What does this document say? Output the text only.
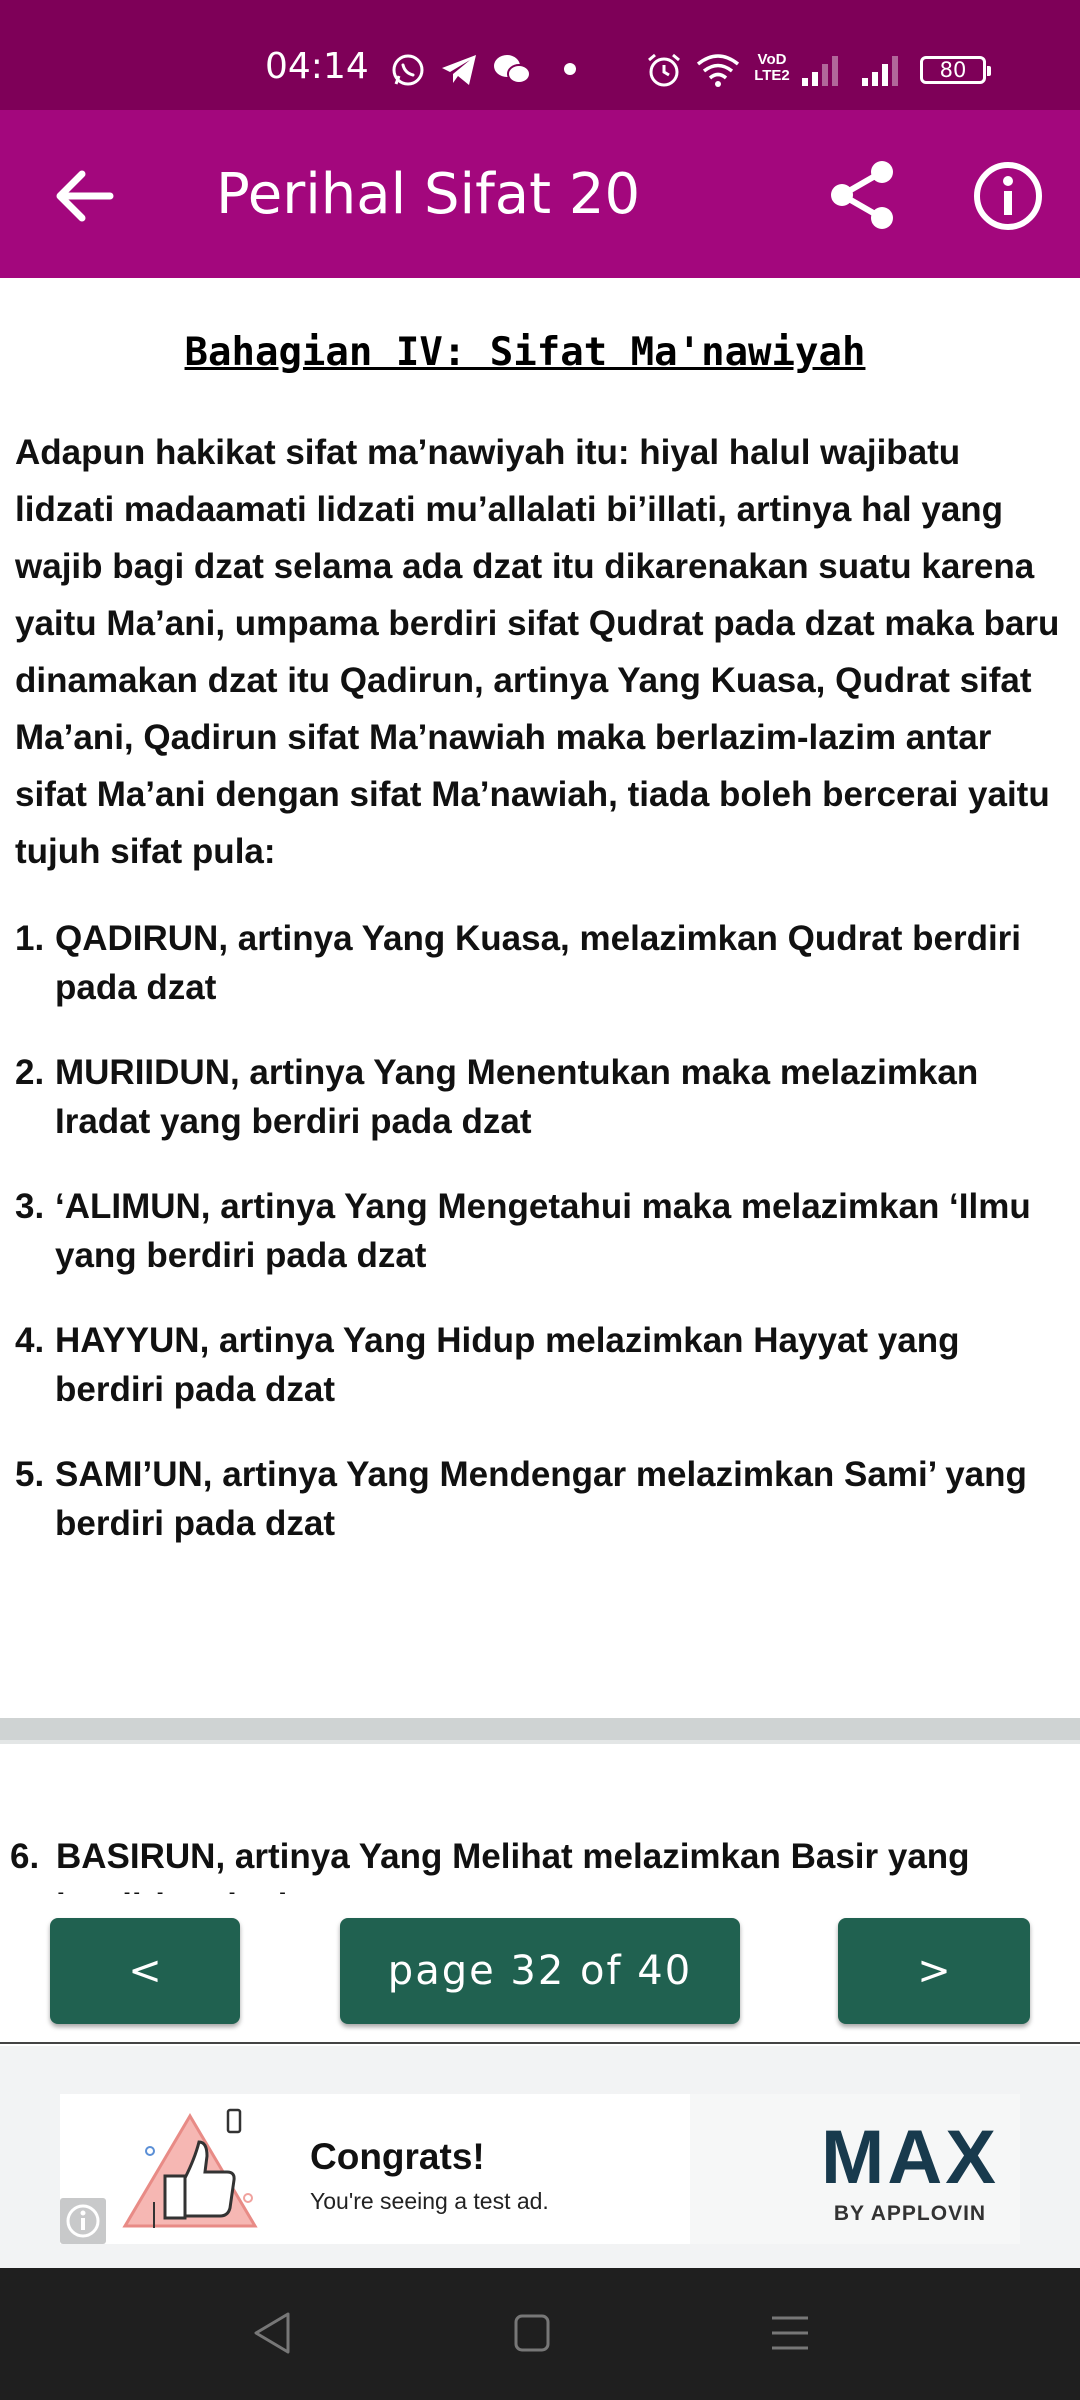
04:14	VoD
LTE2	80
Perihal Sifat 20
Bahagian IV: Sifat Ma'nawiyah

Adapun hakikat sifat ma’nawiyah itu: hiyal halul wajibatu lidzati madaamati lidzati mu’allalati bi’illati, artinya hal yang wajib bagi dzat selama ada dzat itu dikarenakan suatu karena yaitu Ma’ani, umpama berdiri sifat Qudrat pada dzat maka baru dinamakan dzat itu Qadirun, artinya Yang Kuasa, Qudrat sifat Ma’ani, Qadirun sifat Ma’nawiah maka berlazim-lazim antar sifat Ma’ani dengan sifat Ma’nawiah, tiada boleh bercerai yaitu tujuh sifat pula:

1. QADIRUN, artinya Yang Kuasa, melazimkan Qudrat berdiri pada dzat
2. MURIIDUN, artinya Yang Menentukan maka melazimkan Iradat yang berdiri pada dzat
3. ‘ALIMUN, artinya Yang Mengetahui maka melazimkan ‘Ilmu yang berdiri pada dzat
4. HAYYUN, artinya Yang Hidup melazimkan Hayyat yang berdiri pada dzat
5. SAMI’UN, artinya Yang Mendengar melazimkan Sami’ yang berdiri pada dzat
6. BASIRUN, artinya Yang Melihat melazimkan Basir yang
<	page 32 of 40	>
Congrats!
You're seeing a test ad.
MAX
BY APPLOVIN
